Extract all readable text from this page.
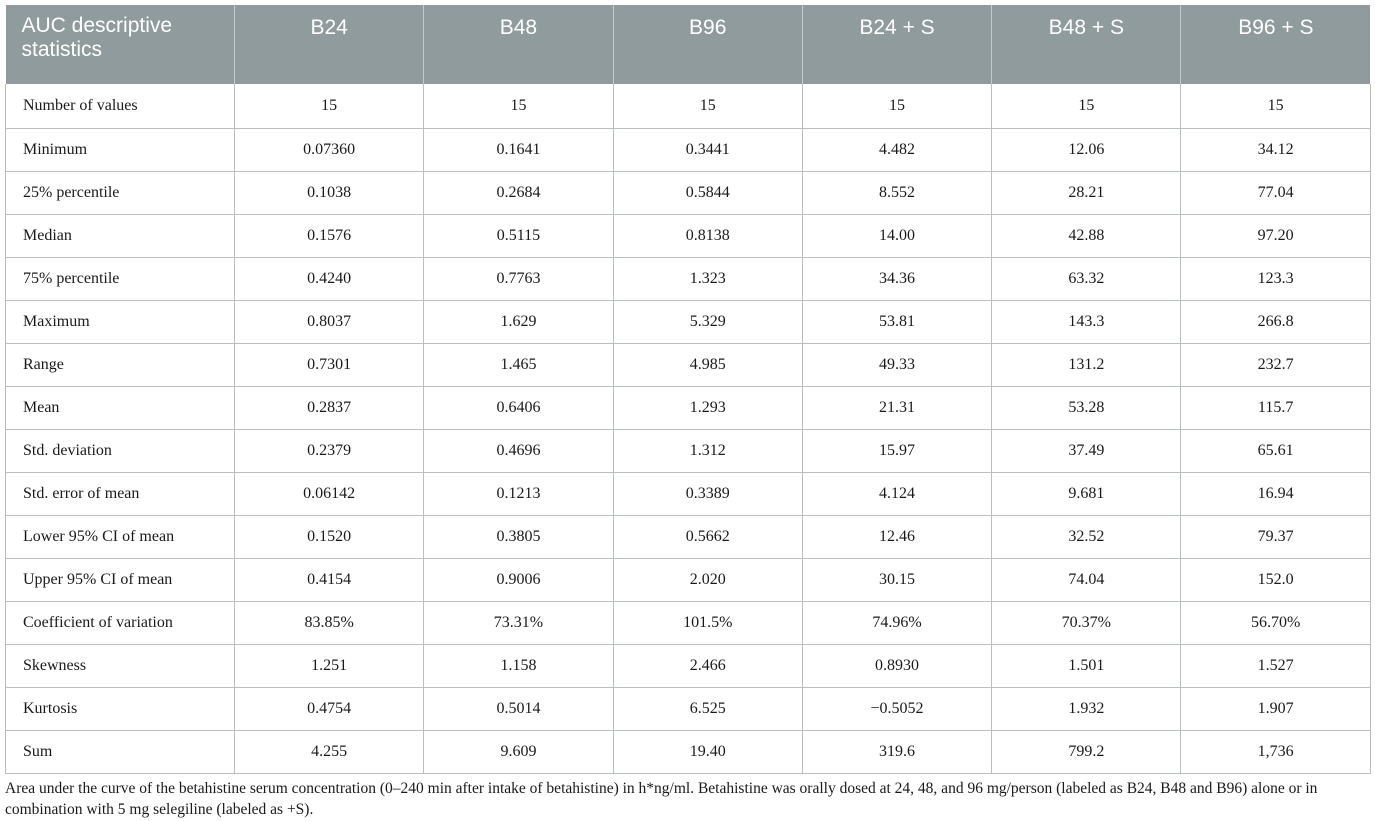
AUC descriptive statistics	B24	B48	B96	B24 + S	B48 + S	B96 + S

Number of values	15	15	15	15	15	15
Minimum	0.07360	0.1641	0.3441	4.482	12.06	34.12
25% percentile	0.1038	0.2684	0.5844	8.552	28.21	77.04
Median	0.1576	0.5115	0.8138	14.00	42.88	97.20
75% percentile	0.4240	0.7763	1.323	34.36	63.32	123.3
Maximum	0.8037	1.629	5.329	53.81	143.3	266.8
Range	0.7301	1.465	4.985	49.33	131.2	232.7
Mean	0.2837	0.6406	1.293	21.31	53.28	115.7
Std. deviation	0.2379	0.4696	1.312	15.97	37.49	65.61
Std. error of mean	0.06142	0.1213	0.3389	4.124	9.681	16.94
Lower 95% CI of mean	0.1520	0.3805	0.5662	12.46	32.52	79.37
Upper 95% CI of mean	0.4154	0.9006	2.020	30.15	74.04	152.0
Coefficient of variation	83.85%	73.31%	101.5%	74.96%	70.37%	56.70%
Skewness	1.251	1.158	2.466	0.8930	1.501	1.527
Kurtosis	0.4754	0.5014	6.525	−0.5052	1.932	1.907
Sum	4.255	9.609	19.40	319.6	799.2	1,736
Area under the curve of the betahistine serum concentration (0–240 min after intake of betahistine) in h*ng/ml. Betahistine was orally dosed at 24, 48, and 96 mg/person (labeled as B24, B48 and B96) alone or in combination with 5 mg selegiline (labeled as +S).
